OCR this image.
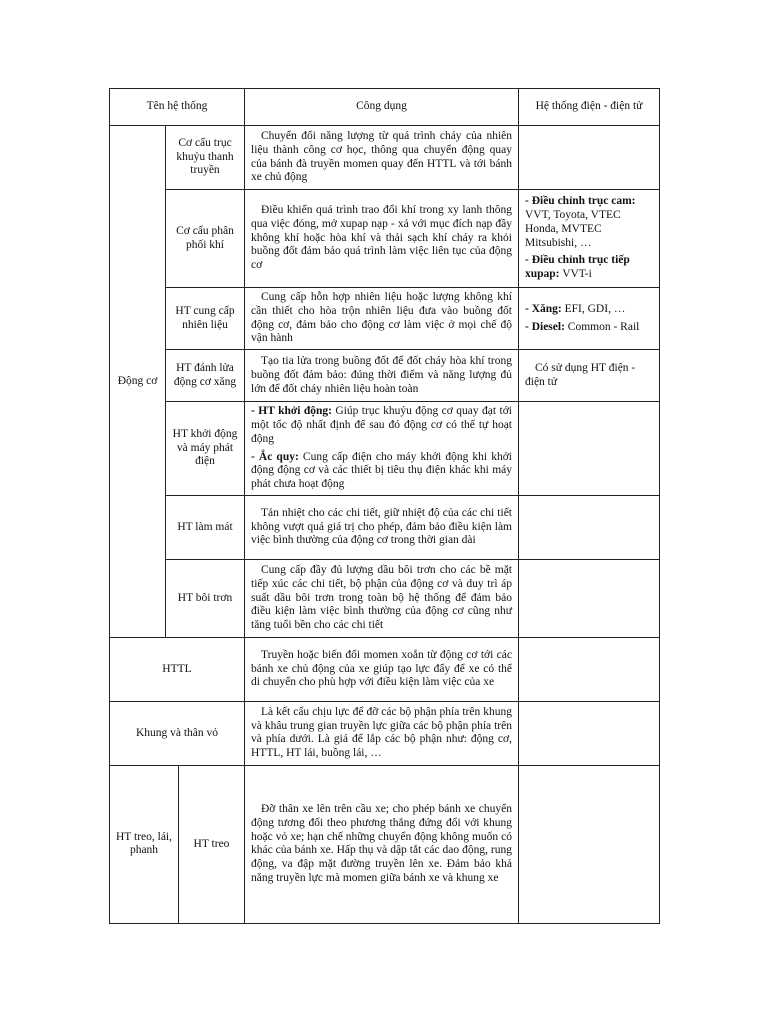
Tên hệ thống			Công dụng	Hệ thống điện - điện tử
Động cơ	Cơ cấu trục khuỷu thanh truyền		Chuyển đổi năng lượng từ quá trình cháy của nhiên liệu thành công cơ học, thông qua chuyển động quay của bánh đà truyền momen quay đến HTTL và tới bánh xe chủ động	
	Cơ cấu phân phối khí		Điều khiển quá trình trao đổi khí trong xy lanh thông qua việc đóng, mở xupap nạp - xả với mục đích nạp đầy không khí hoặc hòa khí và thải sạch khí cháy ra khỏi buồng đốt đảm bảo quá trình làm việc liên tục của động cơ	- Điều chỉnh trục cam: VVT, Toyota, VTEC Honda, MVTEC Mitsubishi, …

- Điều chỉnh trục tiếp xupap: VVT-i

	HT cung cấp nhiên liệu		Cung cấp hỗn hợp nhiên liệu hoặc lượng không khí cần thiết cho hòa trộn nhiên liệu đưa vào buồng đốt động cơ, đảm bảo cho động cơ làm việc ở mọi chế độ vận hành	- Xăng: EFI, GDI, …

- Diesel: Common - Rail

	HT đánh lửa động cơ xăng		Tạo tia lửa trong buồng đốt để đốt cháy hòa khí trong buồng đốt đảm bảo: đúng thời điểm và năng lượng đủ lớn để đốt cháy nhiên liệu hoàn toàn	Có sử dụng HT điện - điện tử
	HT khởi động và máy phát điện		- HT khởi động: Giúp trục khuỷu động cơ quay đạt tới một tốc độ nhất định để sau đó động cơ có thể tự hoạt động

- Ắc quy: Cung cấp điện cho máy khởi động khi khởi động động cơ và các thiết bị tiêu thụ điện khác khi máy phát chưa hoạt động	

	HT làm mát		Tản nhiệt cho các chi tiết, giữ nhiệt độ của các chi tiết không vượt quá giá trị cho phép, đảm bảo điều kiện làm việc bình thường của động cơ trong thời gian dài	
	HT bôi trơn		Cung cấp đầy đủ lượng dầu bôi trơn cho các bề mặt tiếp xúc các chi tiết, bộ phận của động cơ và duy trì áp suất dầu bôi trơn trong toàn bộ hệ thống để đảm bảo điều kiện làm việc bình thường của động cơ cũng như tăng tuổi bền cho các chi tiết	
HTTL			Truyền hoặc biến đổi momen xoắn từ động cơ tới các bánh xe chủ động của xe giúp tạo lực đẩy để xe có thể di chuyển cho phù hợp với điều kiện làm việc của xe	
Khung và thân vỏ			Là kết cấu chịu lực để đỡ các bộ phận phía trên khung và khâu trung gian truyền lực giữa các bộ phận phía trên và phía dưới. Là giá để lắp các bộ phận như: động cơ, HTTL, HT lái, buồng lái, …	
HT treo, lái, phanh		HT treo	Đỡ thân xe lên trên cầu xe; cho phép bánh xe chuyển động tương đối theo phương thẳng đứng đối với khung hoặc vỏ xe; hạn chế những chuyển động không muốn có khác của bánh xe. Hấp thụ và dập tắt các dao động, rung động, va đập mặt đường truyền lên xe. Đảm bảo khả năng truyền lực mà momen giữa bánh xe và khung xe	
